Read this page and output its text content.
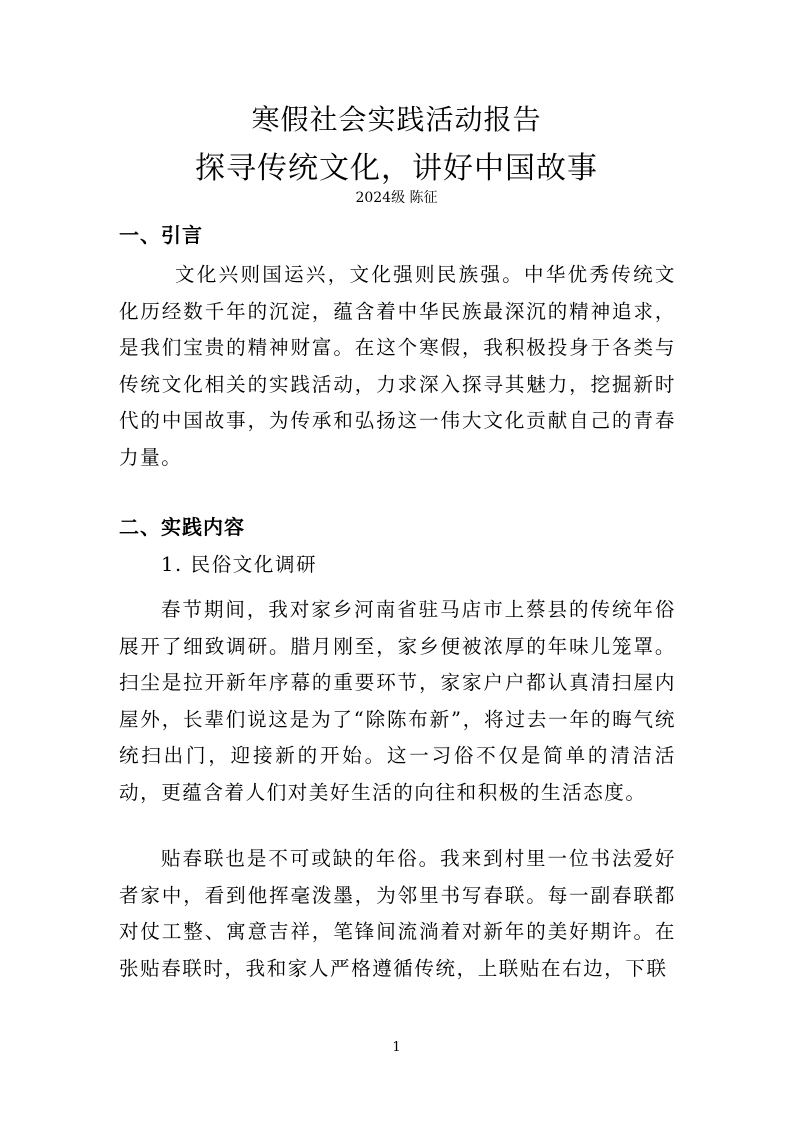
寒假社会实践活动报告
探寻传统文化，讲好中国故事
2024级 陈征
一、引言

文化兴则国运兴，文化强则民族强。中华优秀传统文化历经数千年的沉淀，蕴含着中华民族最深沉的精神追求，是我们宝贵的精神财富。在这个寒假，我积极投身于各类与传统文化相关的实践活动，力求深入探寻其魅力，挖掘新时代的中国故事，为传承和弘扬这一伟大文化贡献自己的青春力量。

二、实践内容
1. 民俗文化调研

春节期间，我对家乡河南省驻马店市上蔡县的传统年俗展开了细致调研。腊月刚至，家乡便被浓厚的年味儿笼罩。扫尘是拉开新年序幕的重要环节，家家户户都认真清扫屋内屋外，长辈们说这是为了“除陈布新”，将过去一年的晦气统统扫出门，迎接新的开始。这一习俗不仅是简单的清洁活动，更蕴含着人们对美好生活的向往和积极的生活态度。

贴春联也是不可或缺的年俗。我来到村里一位书法爱好者家中，看到他挥毫泼墨，为邻里书写春联。每一副春联都对仗工整、寓意吉祥，笔锋间流淌着对新年的美好期许。在张贴春联时，我和家人严格遵循传统，上联贴在右边，下联

1
